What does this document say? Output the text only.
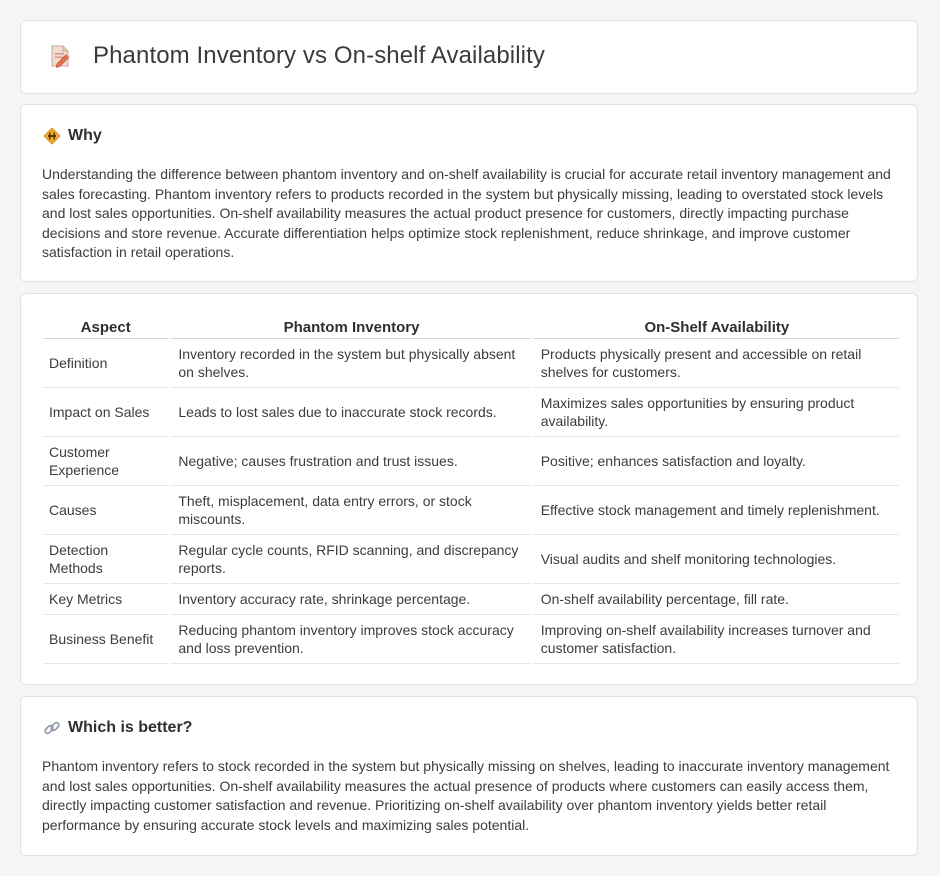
Phantom Inventory vs On-shelf Availability
Why
Understanding the difference between phantom inventory and on-shelf availability is crucial for accurate retail inventory management and sales forecasting. Phantom inventory refers to products recorded in the system but physically missing, leading to overstated stock levels and lost sales opportunities. On-shelf availability measures the actual product presence for customers, directly impacting purchase decisions and store revenue. Accurate differentiation helps optimize stock replenishment, reduce shrinkage, and improve customer satisfaction in retail operations.
Aspect	Phantom Inventory	On-Shelf Availability
Definition	Inventory recorded in the system but physically absent on shelves.	Products physically present and accessible on retail shelves for customers.
Impact on Sales	Leads to lost sales due to inaccurate stock records.	Maximizes sales opportunities by ensuring product availability.
Customer Experience	Negative; causes frustration and trust issues.	Positive; enhances satisfaction and loyalty.
Causes	Theft, misplacement, data entry errors, or stock miscounts.	Effective stock management and timely replenishment.
Detection Methods	Regular cycle counts, RFID scanning, and discrepancy reports.	Visual audits and shelf monitoring technologies.
Key Metrics	Inventory accuracy rate, shrinkage percentage.	On-shelf availability percentage, fill rate.
Business Benefit	Reducing phantom inventory improves stock accuracy and loss prevention.	Improving on-shelf availability increases turnover and customer satisfaction.
Which is better?
Phantom inventory refers to stock recorded in the system but physically missing on shelves, leading to inaccurate inventory management and lost sales opportunities. On-shelf availability measures the actual presence of products where customers can easily access them, directly impacting customer satisfaction and revenue. Prioritizing on-shelf availability over phantom inventory yields better retail performance by ensuring accurate stock levels and maximizing sales potential.
